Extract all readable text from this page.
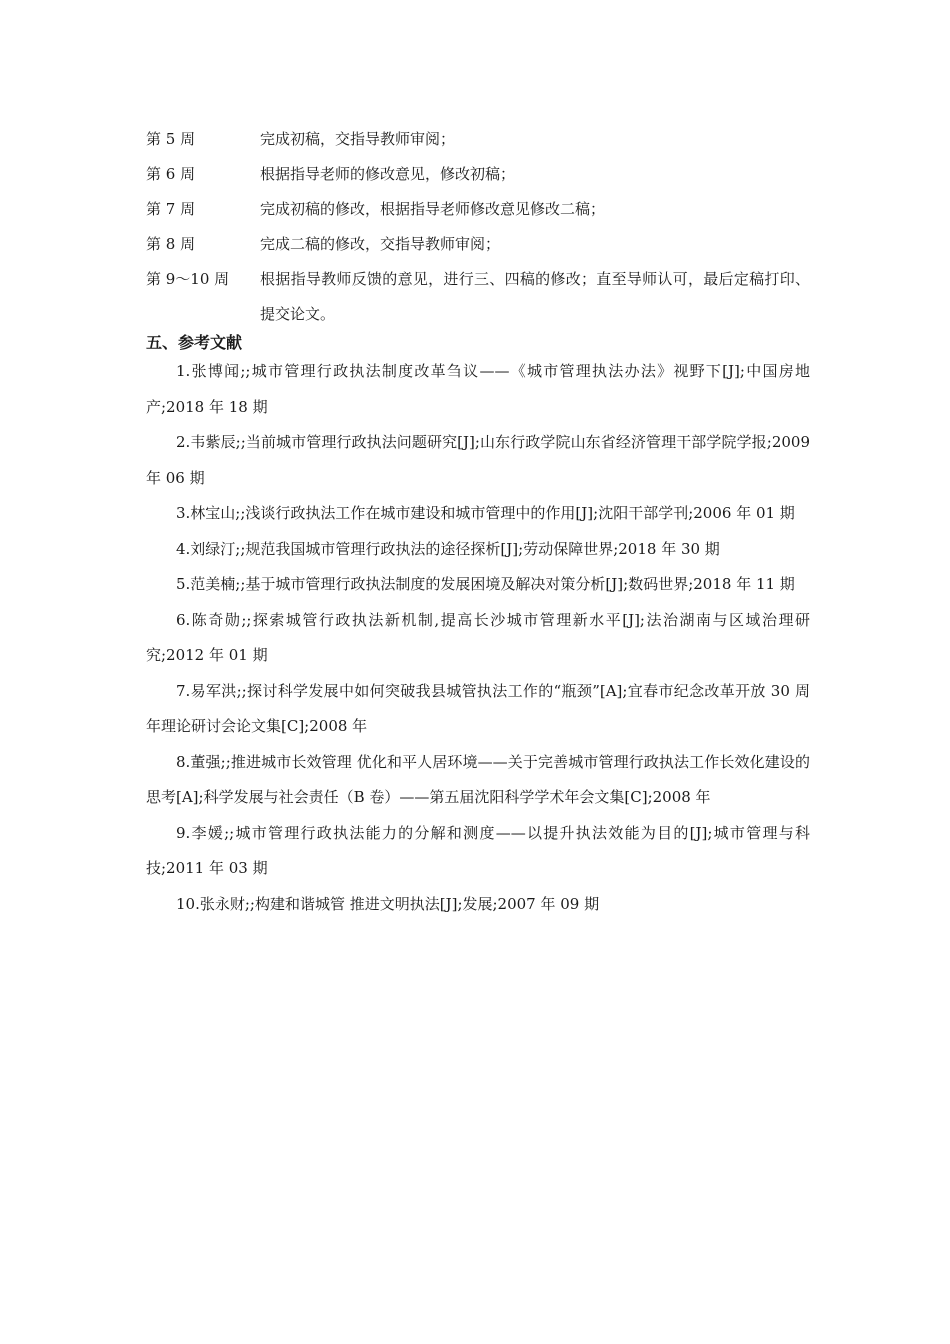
第 5 周	完成初稿，交指导教师审阅；
第 6 周	根据指导老师的修改意见，修改初稿；
第 7 周	完成初稿的修改，根据指导老师修改意见修改二稿；
第 8 周	完成二稿的修改，交指导教师审阅；
第 9～10 周	根据指导教师反馈的意见，进行三、四稿的修改；直至导师认可，最后定稿打印、提交论文。
五、参考文献
1.张博闻;;城市管理行政执法制度改革刍议——《城市管理执法办法》视野下[J];中国房地产;2018 年 18 期
2.韦紫辰;;当前城市管理行政执法问题研究[J];山东行政学院山东省经济管理干部学院学报;2009 年 06 期
3.林宝山;;浅谈行政执法工作在城市建设和城市管理中的作用[J];沈阳干部学刊;2006 年 01 期
4.刘绿汀;;规范我国城市管理行政执法的途径探析[J];劳动保障世界;2018 年 30 期
5.范美楠;;基于城市管理行政执法制度的发展困境及解决对策分析[J];数码世界;2018 年 11 期
6.陈奇勋;;探索城管行政执法新机制,提高长沙城市管理新水平[J];法治湖南与区域治理研究;2012 年 01 期
7.易军洪;;探讨科学发展中如何突破我县城管执法工作的“瓶颈”[A];宜春市纪念改革开放 30 周年理论研讨会论文集[C];2008 年
8.董强;;推进城市长效管理 优化和平人居环境——关于完善城市管理行政执法工作长效化建设的思考[A];科学发展与社会责任（B 卷）——第五届沈阳科学学术年会文集[C];2008 年
9.李媛;;城市管理行政执法能力的分解和测度——以提升执法效能为目的[J];城市管理与科技;2011 年 03 期
10.张永财;;构建和谐城管 推进文明执法[J];发展;2007 年 09 期
